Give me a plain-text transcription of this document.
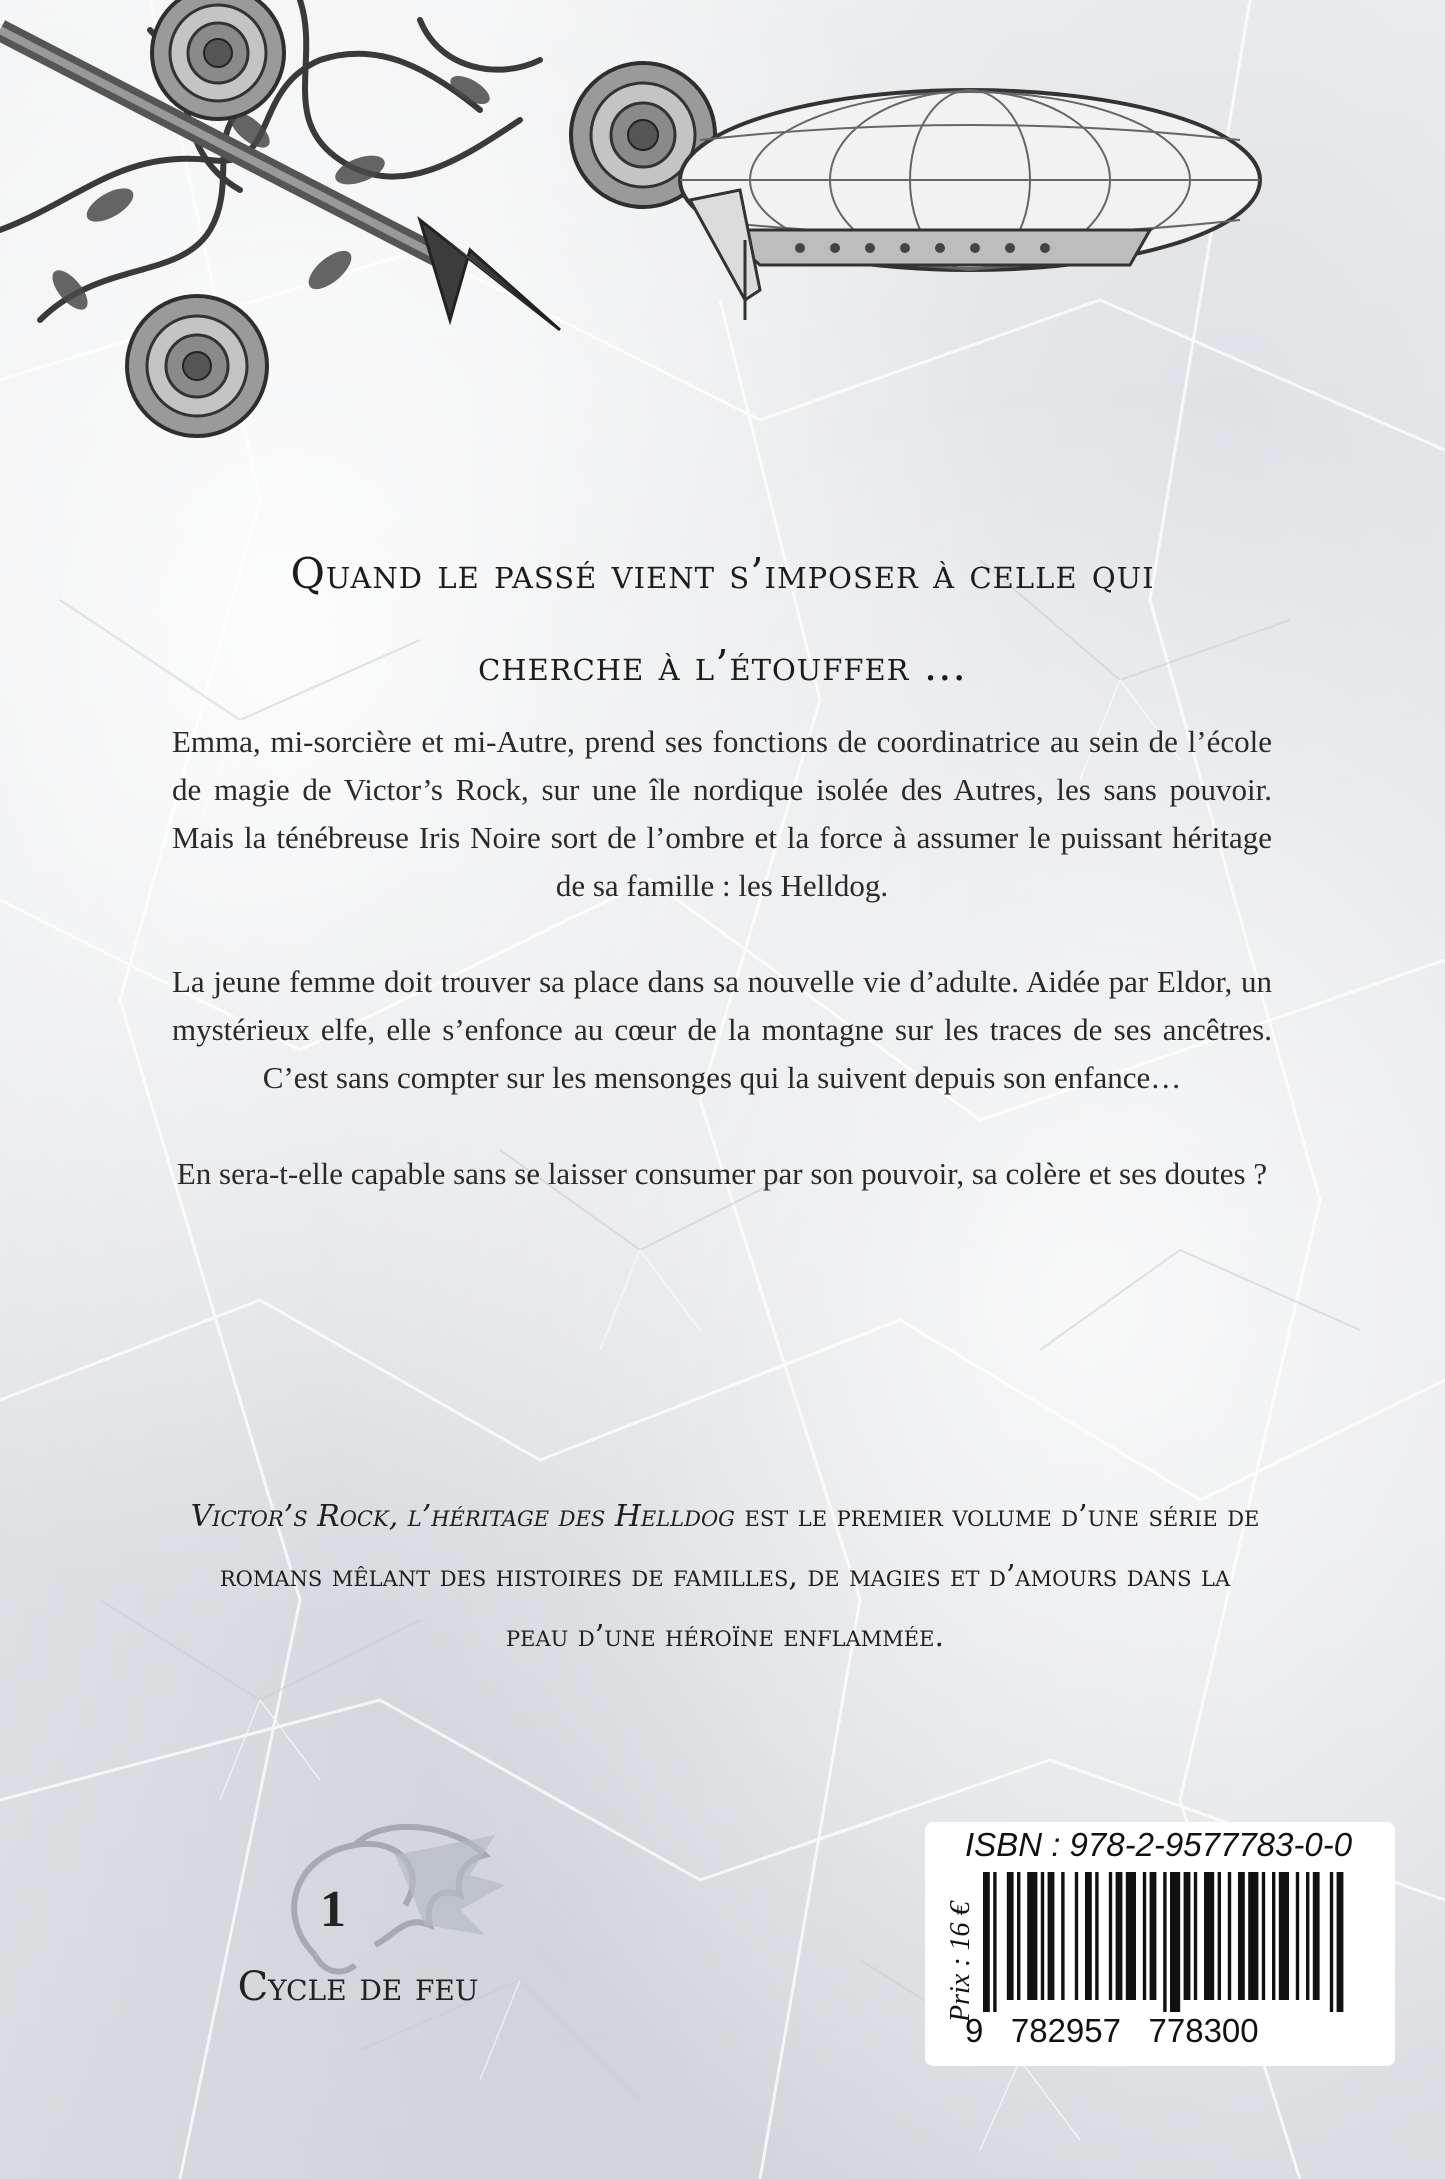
Quand le passé vient s’imposer à celle qui
cherche à l’étouffer ...

Emma, mi-sorcière et mi-Autre, prend ses fonctions de coordinatrice au sein de l’école de magie de Victor’s Rock, sur une île nordique isolée des Autres, les sans pouvoir. Mais la ténébreuse Iris Noire sort de l’ombre et la force à assumer le puissant héritage de sa famille : les Helldog.

La jeune femme doit trouver sa place dans sa nouvelle vie d’adulte. Aidée par Eldor, un mystérieux elfe, elle s’enfonce au cœur de la montagne sur les traces de ses ancêtres. C’est sans compter sur les mensonges qui la suivent depuis son enfance…

En sera-t-elle capable sans se laisser consumer par son pouvoir, sa colère et ses doutes ?

Victor’s Rock, l’héritage des Helldog est le premier volume d’une série de
romans mêlant des histoires de familles, de magies et d’amours dans la
peau d’une héroïne enflammée.
1
Cycle de feu
ISBN : 978-2-9577783-0-0
Prix : 16 €
9 782957 778300
